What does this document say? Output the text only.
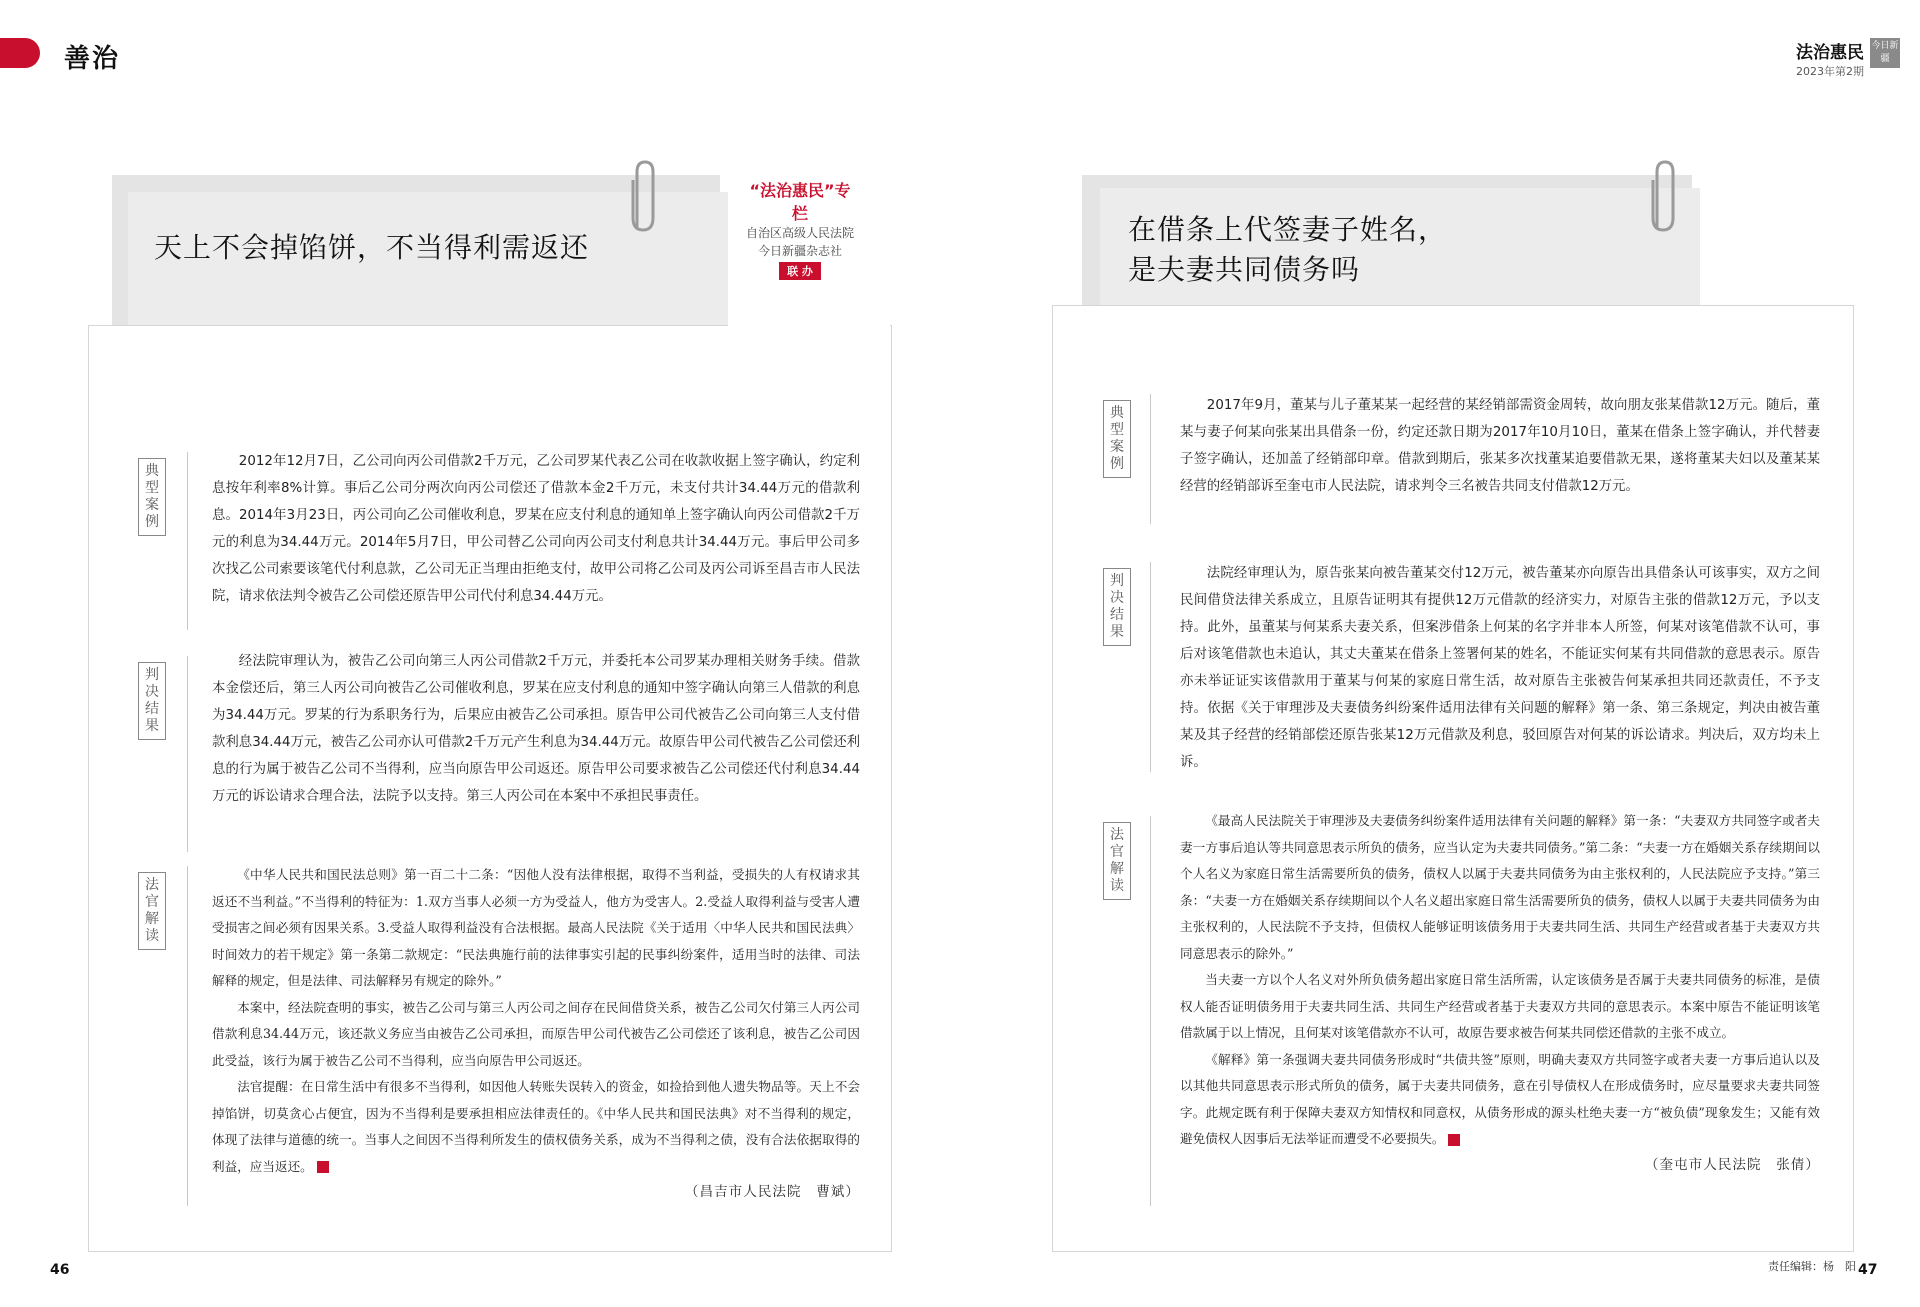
善治	法治惠民
2023年第2期
今日新疆
天上不会掉馅饼，不当得利需返还
“法治惠民”专栏
自治区高级人民法院
今日新疆杂志社
联 办
典型案例

2012年12月7日，乙公司向丙公司借款2千万元，乙公司罗某代表乙公司在收款收据上签字确认，约定利息按年利率8%计算。事后乙公司分两次向丙公司偿还了借款本金2千万元，未支付共计34.44万元的借款利息。2014年3月23日，丙公司向乙公司催收利息，罗某在应支付利息的通知单上签字确认向丙公司借款2千万元的利息为34.44万元。2014年5月7日，甲公司替乙公司向丙公司支付利息共计34.44万元。事后甲公司多次找乙公司索要该笔代付利息款，乙公司无正当理由拒绝支付，故甲公司将乙公司及丙公司诉至昌吉市人民法院，请求依法判令被告乙公司偿还原告甲公司代付利息34.44万元。

判决结果

经法院审理认为，被告乙公司向第三人丙公司借款2千万元，并委托本公司罗某办理相关财务手续。借款本金偿还后，第三人丙公司向被告乙公司催收利息，罗某在应支付利息的通知中签字确认向第三人借款的利息为34.44万元。罗某的行为系职务行为，后果应由被告乙公司承担。原告甲公司代被告乙公司向第三人支付借款利息34.44万元，被告乙公司亦认可借款2千万元产生利息为34.44万元。故原告甲公司代被告乙公司偿还利息的行为属于被告乙公司不当得利，应当向原告甲公司返还。原告甲公司要求被告乙公司偿还代付利息34.44万元的诉讼请求合理合法，法院予以支持。第三人丙公司在本案中不承担民事责任。

法官解读

《中华人民共和国民法总则》第一百二十二条：“因他人没有法律根据，取得不当利益，受损失的人有权请求其返还不当利益。”不当得利的特征为：1.双方当事人必须一方为受益人，他方为受害人。2.受益人取得利益与受害人遭受损害之间必须有因果关系。3.受益人取得利益没有合法根据。最高人民法院《关于适用〈中华人民共和国民法典〉时间效力的若干规定》第一条第二款规定：“民法典施行前的法律事实引起的民事纠纷案件，适用当时的法律、司法解释的规定，但是法律、司法解释另有规定的除外。”

本案中，经法院查明的事实，被告乙公司与第三人丙公司之间存在民间借贷关系，被告乙公司欠付第三人丙公司借款利息34.44万元，该还款义务应当由被告乙公司承担，而原告甲公司代被告乙公司偿还了该利息，被告乙公司因此受益，该行为属于被告乙公司不当得利，应当向原告甲公司返还。

法官提醒：在日常生活中有很多不当得利，如因他人转账失误转入的资金，如捡拾到他人遗失物品等。天上不会掉馅饼，切莫贪心占便宜，因为不当得利是要承担相应法律责任的。《中华人民共和国民法典》对不当得利的规定，体现了法律与道德的统一。当事人之间因不当得利所发生的债权债务关系，成为不当得利之债，没有合法依据取得的利益，应当返还。

（昌吉市人民法院　曹斌）
46
在借条上代签妻子姓名，
是夫妻共同债务吗
典型案例

2017年9月，董某与儿子董某某一起经营的某经销部需资金周转，故向朋友张某借款12万元。随后，董某与妻子何某向张某出具借条一份，约定还款日期为2017年10月10日，董某在借条上签字确认，并代替妻子签字确认，还加盖了经销部印章。借款到期后，张某多次找董某追要借款无果，遂将董某夫妇以及董某某经营的经销部诉至奎屯市人民法院，请求判令三名被告共同支付借款12万元。

判决结果

法院经审理认为，原告张某向被告董某交付12万元，被告董某亦向原告出具借条认可该事实，双方之间民间借贷法律关系成立，且原告证明其有提供12万元借款的经济实力，对原告主张的借款12万元，予以支持。此外，虽董某与何某系夫妻关系，但案涉借条上何某的名字并非本人所签，何某对该笔借款不认可，事后对该笔借款也未追认，其丈夫董某在借条上签署何某的姓名，不能证实何某有共同借款的意思表示。原告亦未举证证实该借款用于董某与何某的家庭日常生活，故对原告主张被告何某承担共同还款责任，不予支持。依据《关于审理涉及夫妻债务纠纷案件适用法律有关问题的解释》第一条、第三条规定，判决由被告董某及其子经营的经销部偿还原告张某12万元借款及利息，驳回原告对何某的诉讼请求。判决后，双方均未上诉。

法官解读

《最高人民法院关于审理涉及夫妻债务纠纷案件适用法律有关问题的解释》第一条：“夫妻双方共同签字或者夫妻一方事后追认等共同意思表示所负的债务，应当认定为夫妻共同债务。”第二条：“夫妻一方在婚姻关系存续期间以个人名义为家庭日常生活需要所负的债务，债权人以属于夫妻共同债务为由主张权利的，人民法院应予支持。”第三条：“夫妻一方在婚姻关系存续期间以个人名义超出家庭日常生活需要所负的债务，债权人以属于夫妻共同债务为由主张权利的，人民法院不予支持，但债权人能够证明该债务用于夫妻共同生活、共同生产经营或者基于夫妻双方共同意思表示的除外。”

当夫妻一方以个人名义对外所负债务超出家庭日常生活所需，认定该债务是否属于夫妻共同债务的标准，是债权人能否证明债务用于夫妻共同生活、共同生产经营或者基于夫妻双方共同的意思表示。本案中原告不能证明该笔借款属于以上情况，且何某对该笔借款亦不认可，故原告要求被告何某共同偿还借款的主张不成立。

《解释》第一条强调夫妻共同债务形成时“共债共签”原则，明确夫妻双方共同签字或者夫妻一方事后追认以及以其他共同意思表示形式所负的债务，属于夫妻共同债务，意在引导债权人在形成债务时，应尽量要求夫妻共同签字。此规定既有利于保障夫妻双方知情权和同意权，从债务形成的源头杜绝夫妻一方“被负债”现象发生；又能有效避免债权人因事后无法举证而遭受不必要损失。

（奎屯市人民法院　张倩）
责任编辑：杨　阳 47
